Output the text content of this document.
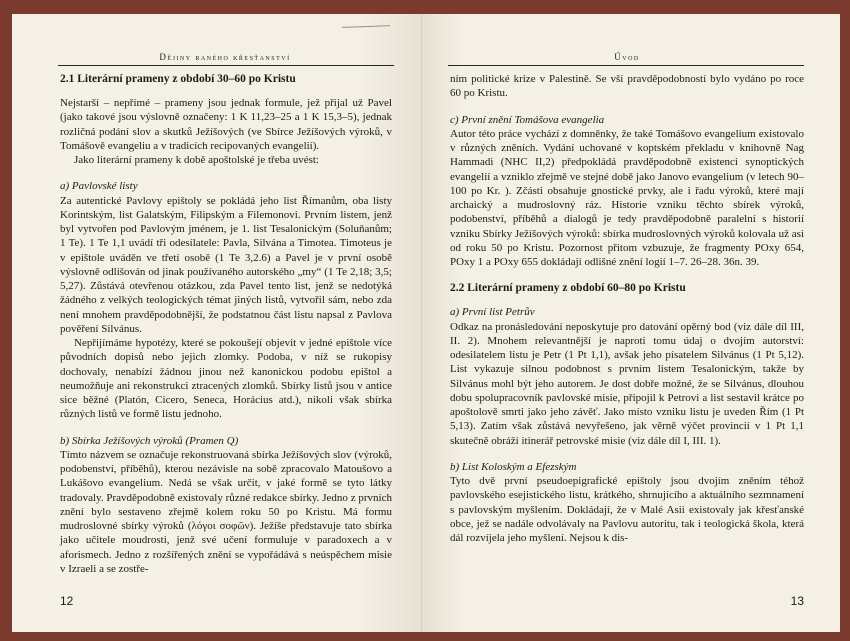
Dějiny raného křesťanství
2.1 Literární prameny z období 30–60 po Kristu

Nejstarší – nepřímé – prameny jsou jednak formule, jež přijal už Pavel (jako takové jsou výslovně označeny: 1 K 11,23–25 a 1 K 15,3–5), jednak rozličná podání slov a skutků Ježíšových (ve Sbírce Ježíšových výroků, v Tomášově evangeliu a v tradicích recipovaných evangelií).

Jako literární prameny k době apoštolské je třeba uvést:

a) Pavlovské listy

Za autentické Pavlovy epištoly se pokládá jeho list Římanům, oba listy Korintským, list Galatským, Filipským a Filemonovi. Prvním listem, jenž byl vytvořen pod Pavlovým jménem, je 1. list Tesalonickým (Soluňanům; 1 Te). 1 Te 1,1 uvádí tři odesílatele: Pavla, Silvána a Timotea. Timoteus je v epištole uváděn ve třetí osobě (1 Te 3,2.6) a Pavel je v první osobě výslovně odlišován od jinak používaného autorského „my“ (1 Te 2,18; 3,5; 5,27). Zůstává otevřenou otázkou, zda Pavel tento list, jenž se nedotýká žádného z velkých teologických témat jiných listů, vytvořil sám, nebo zda není mnohem pravděpodobnější, že podstatnou část listu napsal z Pavlova pověření Silvánus.

Nepřijímáme hypotézy, které se pokoušejí objevit v jedné epištole více původních dopisů nebo jejich zlomky. Podoba, v níž se rukopisy dochovaly, nenabízí žádnou jinou než kanonickou podobu epištol a neumožňuje ani rekonstrukci ztracených zlomků. Sbírky listů jsou v antice sice běžné (Platón, Cicero, Seneca, Horácius atd.), nikoli však sbírka různých listů ve formě listu jednoho.

b) Sbírka Ježíšových výroků (Pramen Q)

Tímto názvem se označuje rekonstruovaná sbírka Ježíšových slov (výroků, podobenství, příběhů), kterou nezávisle na sobě zpracovalo Matoušovo a Lukášovo evangelium. Nedá se však určit, v jaké formě se tyto látky tradovaly. Pravděpodobně existovaly různé redakce sbírky. Jedno z prvních znění bylo sestaveno zřejmě kolem roku 50 po Kristu. Má formu mudroslovné sbírky výroků (λόγοι σοφῶν). Ježíše představuje tato sbírka jako učitele moudrosti, jenž své učení formuluje v paradoxech a v aforismech. Jedno z rozšířených znění se vypořádává s neúspěchem misie v Izraeli a se zostře-

12
Úvod

ním politické krize v Palestině. Se vší pravděpodobností bylo vydáno po roce 60 po Kristu.

c) První znění Tomášova evangelia

Autor této práce vychází z domněnky, že také Tomášovo evangelium existovalo v různých zněních. Vydání uchované v koptském překladu v knihovně Nag Hammadi (NHC II,2) předpokládá pravděpodobně existenci synoptických evangelií a vzniklo zřejmě ve stejné době jako Janovo evangelium (v letech 90–100 po Kr. ). Zčásti obsahuje gnostické prvky, ale i řadu výroků, které mají archaický a mudroslovný ráz. Historie vzniku těchto sbírek výroků, podobenství, příběhů a dialogů je tedy pravděpodobně paralelní s historií vzniku Sbírky Ježíšových výroků: sbírka mudroslovných výroků kolovala už asi od roku 50 po Kristu. Pozornost přitom vzbuzuje, že fragmenty POxy 654, POxy 1 a POxy 655 dokládají odlišné znění logií 1–7. 26–28. 36n. 39.

2.2 Literární prameny z období 60–80 po Kristu
a) První list Petrův

Odkaz na pronásledování neposkytuje pro datování opěrný bod (viz dále díl III, II. 2). Mnohem relevantnější je naproti tomu údaj o dvojím autorství: odesilatelem listu je Petr (1 Pt 1,1), avšak jeho písatelem Silvánus (1 Pt 5,12). List vykazuje silnou podobnost s prvním listem Tesalonickým, takže by Silvánus mohl být jeho autorem. Je dost dobře možné, že se Silvánus, dlouhou dobu spolupracovník pavlovské misie, připojil k Petrovi a list sestavil krátce po apoštolově smrti jako jeho závěť. Jako místo vzniku listu je uveden Řím (1 Pt 5,13). Zatím však zůstává nevyřešeno, jak věrně výčet provincií v 1 Pt 1,1 skutečně obráží itinerář petrovské misie (viz dále díl I, III. 1).

b) List Koloským a Efezským

Tyto dvě první pseudoepigrafické epištoly jsou dvojím zněním téhož pavlovského esejistického listu, krátkého, shrnujícího a aktuálního sezmnamení s pavlovským myšlením. Dokládají, že v Malé Asii existovaly jak křesťanské obce, jež se nadále odvolávaly na Pavlovu autoritu, tak i teologická škola, která dál rozvíjela jeho myšlení. Nejsou k dis-

13
